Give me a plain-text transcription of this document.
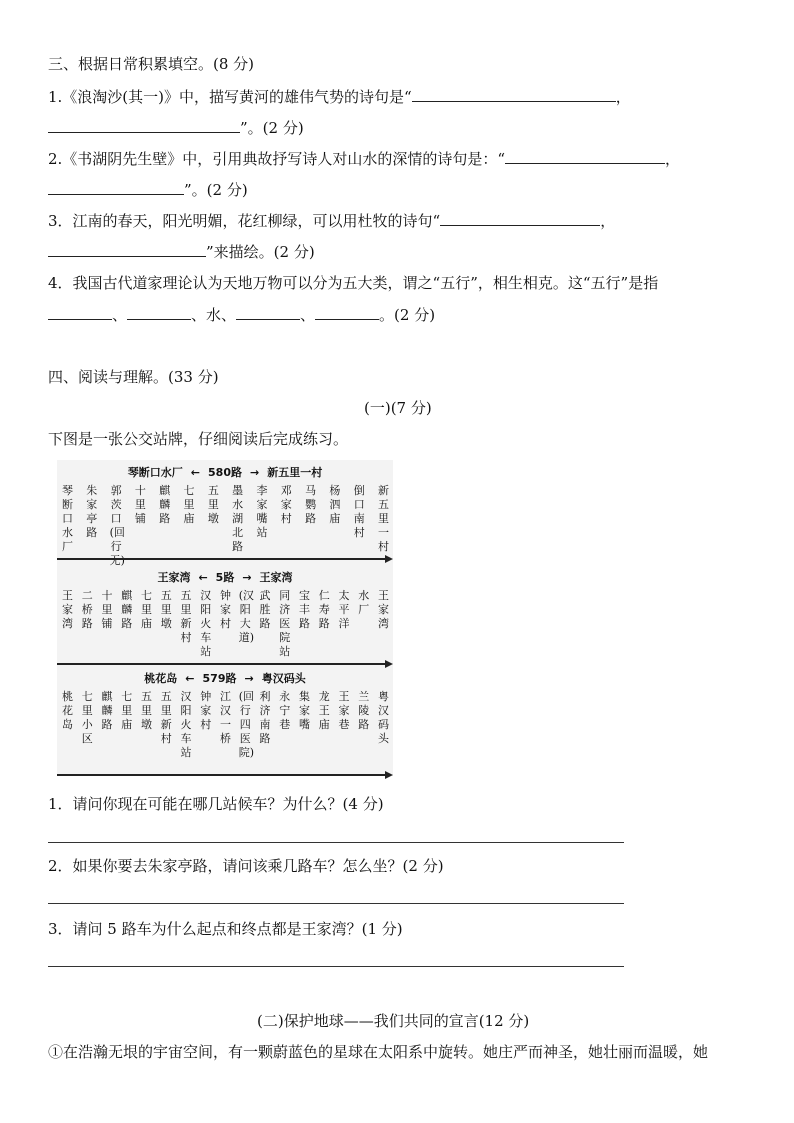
三、根据日常积累填空。(8 分)
1.《浪淘沙(其一)》中，描写黄河的雄伟气势的诗句是“	，
”。(2 分)
2.《书湖阴先生壁》中，引用典故抒写诗人对山水的深情的诗句是：“	，
”。(2 分)
3．江南的春天，阳光明媚，花红柳绿，可以用杜牧的诗句“	，
”来描绘。(2 分)
4．我国古代道家理论认为天地万物可以分为五大类，谓之“五行”，相生相克。这“五行”是指
、	、水、	、	。(2 分)
四、阅读与理解。(33 分)
(一)(7 分)
下图是一张公交站牌，仔细阅读后完成练习。
琴断口水厂 ← 580路 → 新五里一村
琴断口水厂
朱家亭路
郭茨口(回行无)
十里铺
麒麟路
七里庙
五里墩
墨水湖北路
李家嘴站
邓家村
马鹦路
杨泗庙
倒口南村
新五里一村
王家湾 ← 5路 → 王家湾
王家湾
二桥路
十里铺
麒麟路
七里庙
五里墩
五里新村
汉阳火车站
钟家村
(汉阳大道)
武胜路
同济医院站
宝丰路
仁寿路
太平洋
水厂
王家湾
桃花岛 ← 579路 → 粤汉码头
桃花岛
七里小区
麒麟路
七里庙
五里墩
五里新村
汉阳火车站
钟家村
江汉一桥
(回行四医院)
利济南路
永宁巷
集家嘴
龙王庙
王家巷
兰陵路
粤汉码头
1．请问你现在可能在哪几站候车？为什么？(4 分)
2．如果你要去朱家亭路，请问该乘几路车？怎么坐？(2 分)
3．请问 5 路车为什么起点和终点都是王家湾？(1 分)
(二)保护地球——我们共同的宣言(12 分)
①在浩瀚无垠的宇宙空间，有一颗蔚蓝色的星球在太阳系中旋转。她庄严而神圣，她壮丽而温暖，她
